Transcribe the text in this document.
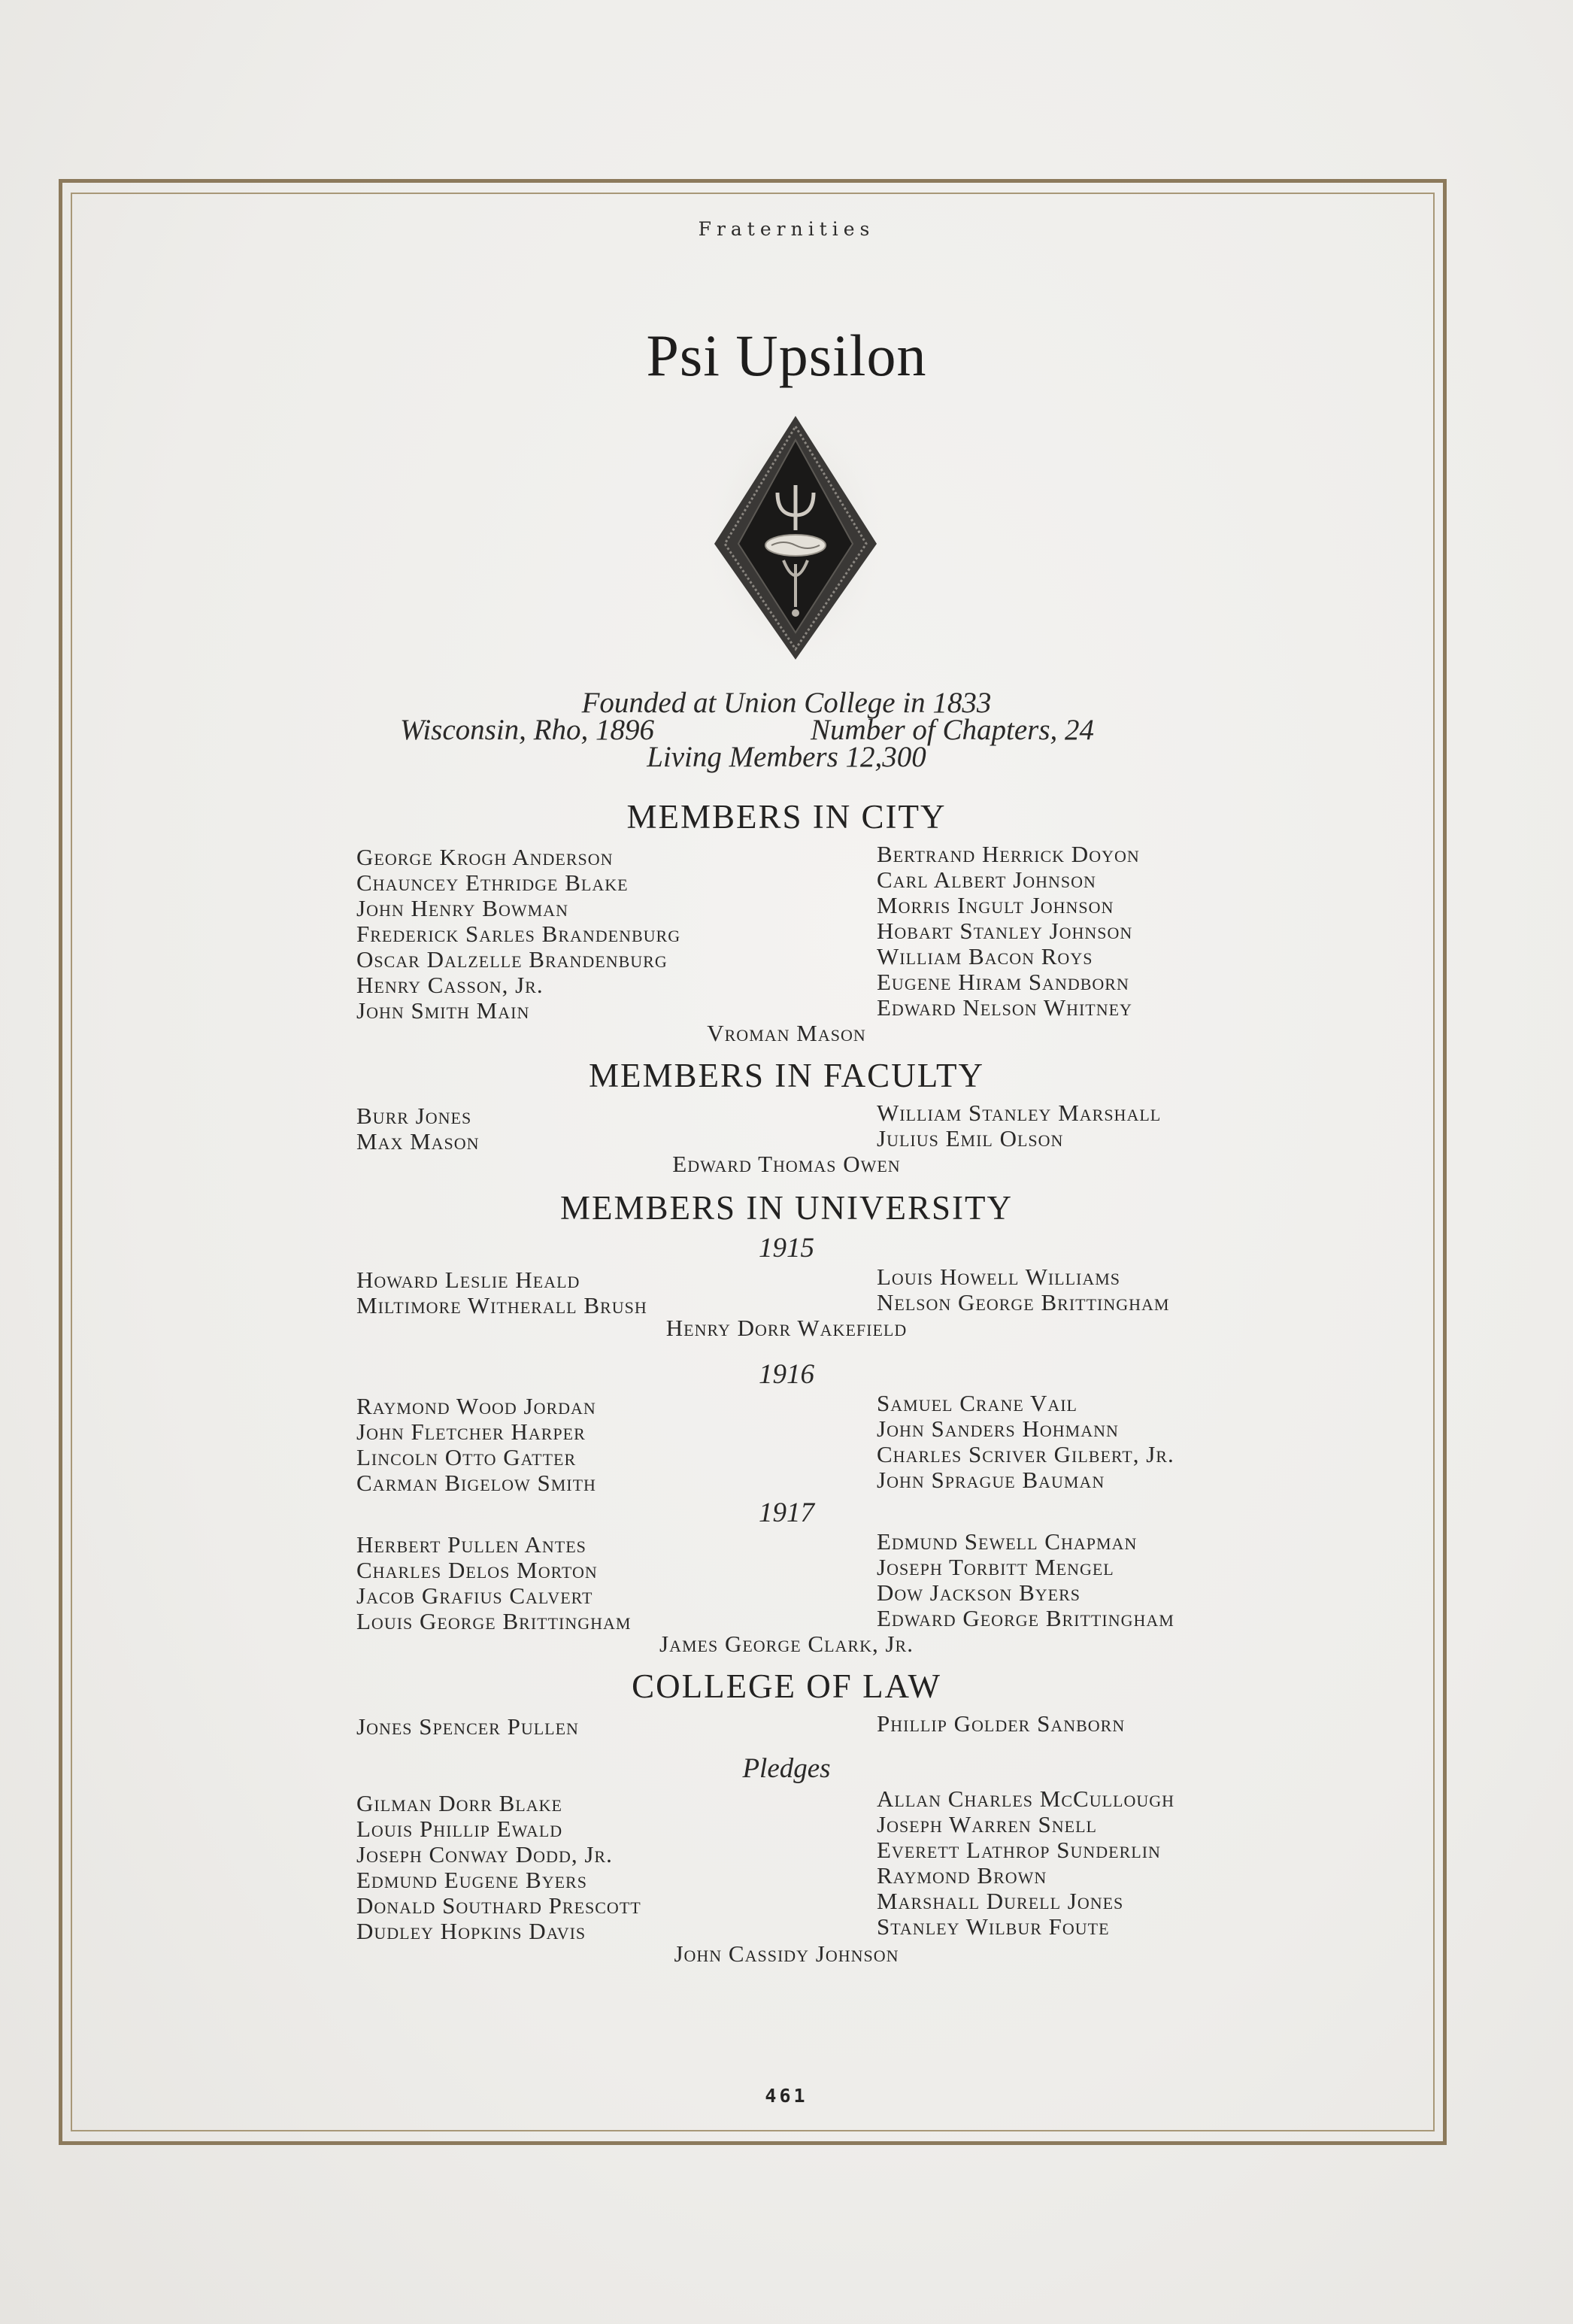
Fraternities
Psi Upsilon
Founded at Union College in 1833
Wisconsin, Rho, 1896	Number of Chapters, 24
Living Members 12,300
MEMBERS IN CITY
George Krogh Anderson
Chauncey Ethridge Blake
John Henry Bowman
Frederick Sarles Brandenburg
Oscar Dalzelle Brandenburg
Henry Casson, Jr.
John Smith Main
Bertrand Herrick Doyon
Carl Albert Johnson
Morris Ingult Johnson
Hobart Stanley Johnson
William Bacon Roys
Eugene Hiram Sandborn
Edward Nelson Whitney
Vroman Mason
MEMBERS IN FACULTY
Burr Jones
Max Mason
William Stanley Marshall
Julius Emil Olson
Edward Thomas Owen
MEMBERS IN UNIVERSITY
1915
Howard Leslie Heald
Miltimore Witherall Brush
Louis Howell Williams
Nelson George Brittingham
Henry Dorr Wakefield
1916
Raymond Wood Jordan
John Fletcher Harper
Lincoln Otto Gatter
Carman Bigelow Smith
Samuel Crane Vail
John Sanders Hohmann
Charles Scriver Gilbert, Jr.
John Sprague Bauman
1917
Herbert Pullen Antes
Charles Delos Morton
Jacob Grafius Calvert
Louis George Brittingham
Edmund Sewell Chapman
Joseph Torbitt Mengel
Dow Jackson Byers
Edward George Brittingham
James George Clark, Jr.
COLLEGE OF LAW
Jones Spencer Pullen	Phillip Golder Sanborn
Pledges
Gilman Dorr Blake
Louis Phillip Ewald
Joseph Conway Dodd, Jr.
Edmund Eugene Byers
Donald Southard Prescott
Dudley Hopkins Davis
Allan Charles McCullough
Joseph Warren Snell
Everett Lathrop Sunderlin
Raymond Brown
Marshall Durell Jones
Stanley Wilbur Foute
John Cassidy Johnson
461
